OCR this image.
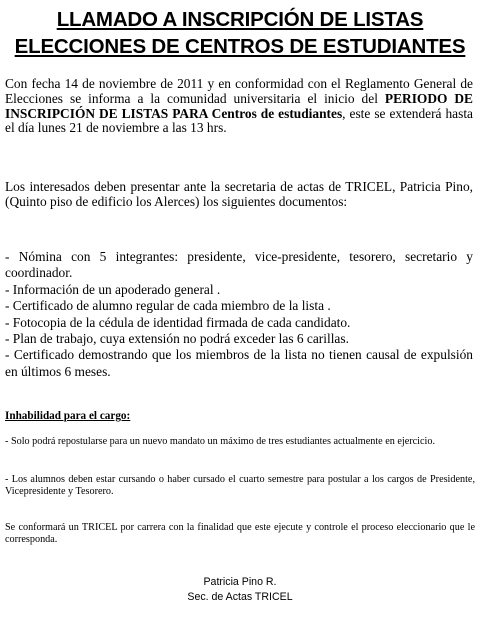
LLAMADO A INSCRIPCIÓN DE LISTAS
ELECCIONES DE CENTROS DE ESTUDIANTES
Con fecha 14 de noviembre de 2011 y en conformidad con el Reglamento General de Elecciones se informa a la comunidad universitaria el inicio del PERIODO DE INSCRIPCIÓN DE LISTAS PARA Centros de estudiantes, este se extenderá hasta el día lunes 21 de noviembre a las 13 hrs.
Los interesados deben presentar ante la secretaria de actas de TRICEL, Patricia Pino, (Quinto piso de edificio los Alerces) los siguientes documentos:
- Nómina con 5 integrantes: presidente, vice-presidente, tesorero, secretario y coordinador.
- Información de un apoderado general .
- Certificado de alumno regular de cada miembro de la lista .
- Fotocopia de la cédula de identidad firmada de cada candidato.
- Plan de trabajo, cuya extensión no podrá exceder las 6 carillas.
- Certificado demostrando que los miembros de la lista no tienen causal de expulsión en últimos 6 meses.
Inhabilidad para el cargo:
- Solo podrá repostularse para un nuevo mandato un máximo de tres estudiantes actualmente en ejercicio.
- Los alumnos deben estar cursando o haber cursado el cuarto semestre para postular a los cargos de Presidente, Vicepresidente y Tesorero.
Se conformará un TRICEL por carrera con la finalidad que este ejecute y controle el proceso eleccionario que le corresponda.
Patricia Pino R.
Sec. de Actas TRICEL
